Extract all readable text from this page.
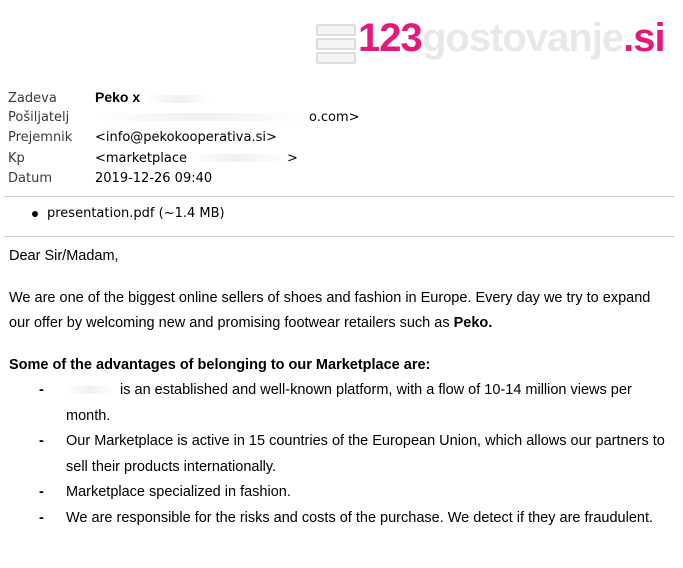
123 gostovanje.si
Zadeva	Peko x
Pošiljatelj	o.com>
Prejemnik <info@pekokooperativa.si>
Kp	<marketplace	>
Datum	2019-12-26 09:40
presentation.pdf (~1.4 MB)

Dear Sir/Madam,

We are one of the biggest online sellers of shoes and fashion in Europe. Every day we try to expand our offer by welcoming new and promising footwear retailers such as Peko.

Some of the advantages of belonging to our Marketplace are:

-	is an established and well-known platform, with a flow of 10-14 million views per month.
- Our Marketplace is active in 15 countries of the European Union, which allows our partners to sell their products internationally.
- Marketplace specialized in fashion.
- We are responsible for the risks and costs of the purchase. We detect if they are fraudulent.
